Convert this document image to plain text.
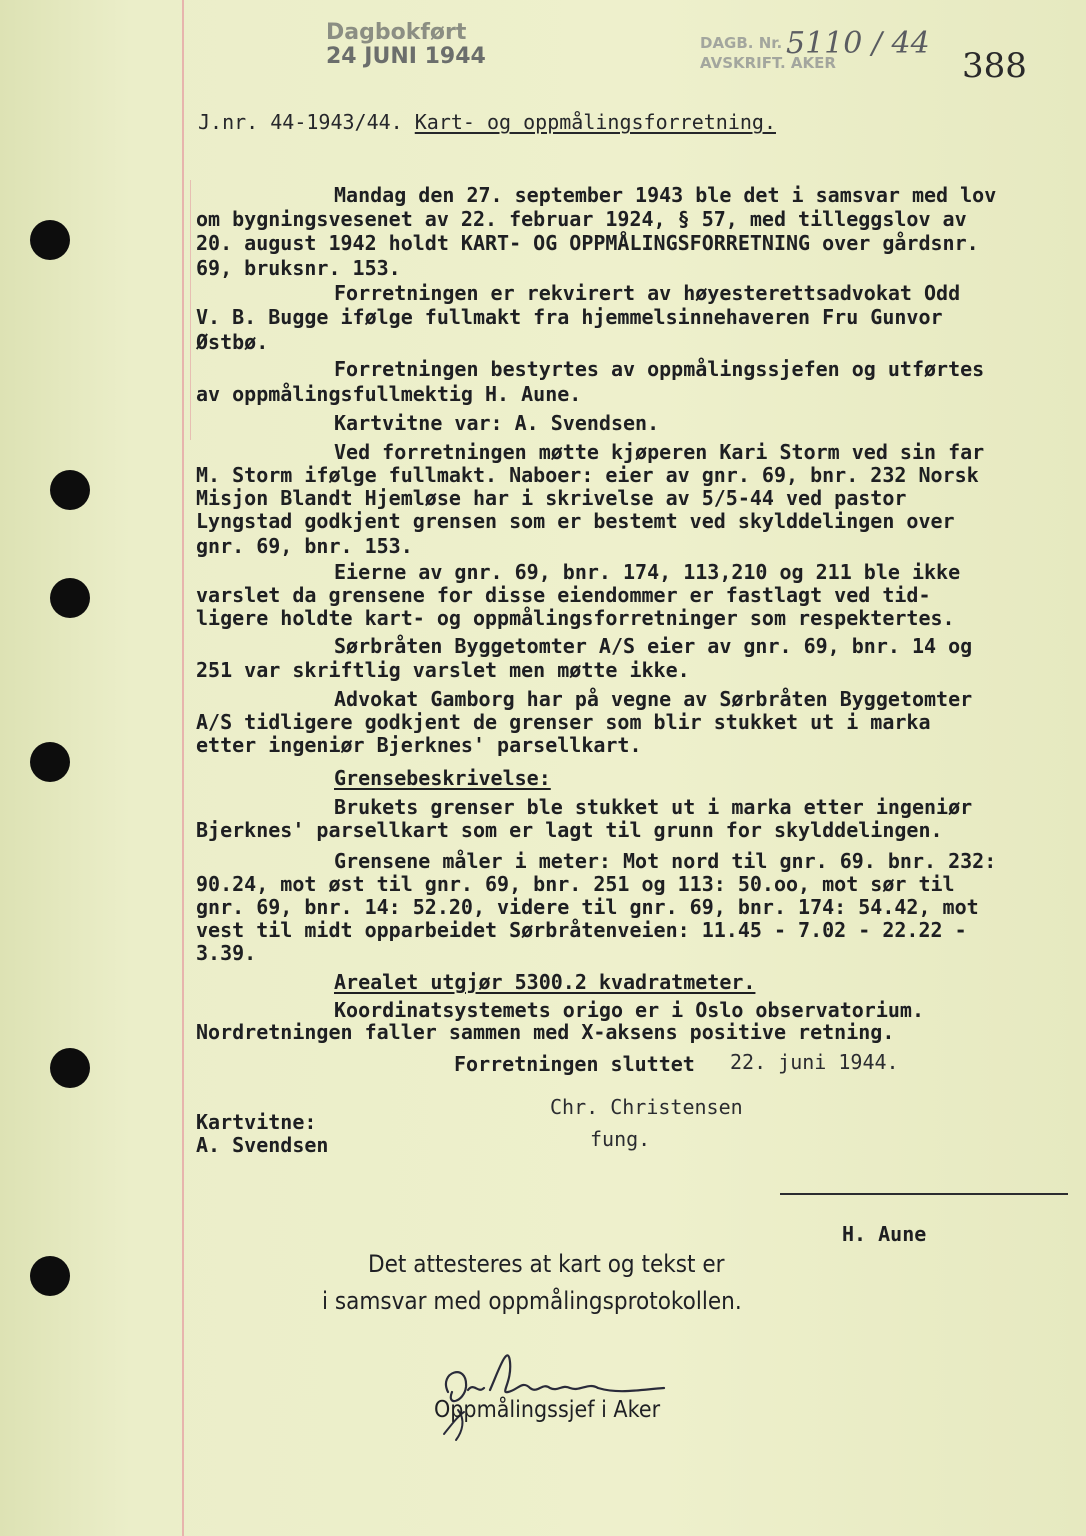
Dagbokført
24 JUNI 1944
DAGB. Nr.
AVSKRIFT. AKER
5110 / 44
388
J.nr. 44-1943/44. Kart- og oppmålingsforretning.
Mandag den 27. september 1943 ble det i samsvar med lov
om bygningsvesenet av 22. februar 1924, § 57, med tilleggslov av
20. august 1942 holdt KART- OG OPPMÅLINGSFORRETNING over gårdsnr.
69, bruksnr. 153.
Forretningen er rekvirert av høyesterettsadvokat Odd
V. B. Bugge ifølge fullmakt fra hjemmelsinnehaveren Fru Gunvor
Østbø.
Forretningen bestyrtes av oppmålingssjefen og utførtes
av oppmålingsfullmektig H. Aune.
Kartvitne var: A. Svendsen.
Ved forretningen møtte kjøperen Kari Storm ved sin far
M. Storm ifølge fullmakt. Naboer: eier av gnr. 69, bnr. 232 Norsk
Misjon Blandt Hjemløse har i skrivelse av 5/5-44 ved pastor
Lyngstad godkjent grensen som er bestemt ved skylddelingen over
gnr. 69, bnr. 153.
Eierne av gnr. 69, bnr. 174, 113,210 og 211 ble ikke
varslet da grensene for disse eiendommer er fastlagt ved tid-
ligere holdte kart- og oppmålingsforretninger som respektertes.
Sørbråten Byggetomter A/S eier av gnr. 69, bnr. 14 og
251 var skriftlig varslet men møtte ikke.
Advokat Gamborg har på vegne av Sørbråten Byggetomter
A/S tidligere godkjent de grenser som blir stukket ut i marka
etter ingeniør Bjerknes' parsellkart.
Grensebeskrivelse:
Brukets grenser ble stukket ut i marka etter ingeniør
Bjerknes' parsellkart som er lagt til grunn for skylddelingen.
Grensene måler i meter: Mot nord til gnr. 69. bnr. 232:
90.24, mot øst til gnr. 69, bnr. 251 og 113: 50.oo, mot sør til
gnr. 69, bnr. 14: 52.20, videre til gnr. 69, bnr. 174: 54.42, mot
vest til midt opparbeidet Sørbråtenveien: 11.45 - 7.02 - 22.22 -
3.39.
Arealet utgjør 5300.2 kvadratmeter.
Koordinatsystemets origo er i Oslo observatorium.
Nordretningen faller sammen med X-aksens positive retning.
Forretningen sluttet 22. juni 1944.
Chr. Christensen
fung.
Kartvitne:
A. Svendsen
H. Aune
Det attesteres at kart og tekst er
i samsvar med oppmålingsprotokollen.
Oppmålingssjef i Aker
